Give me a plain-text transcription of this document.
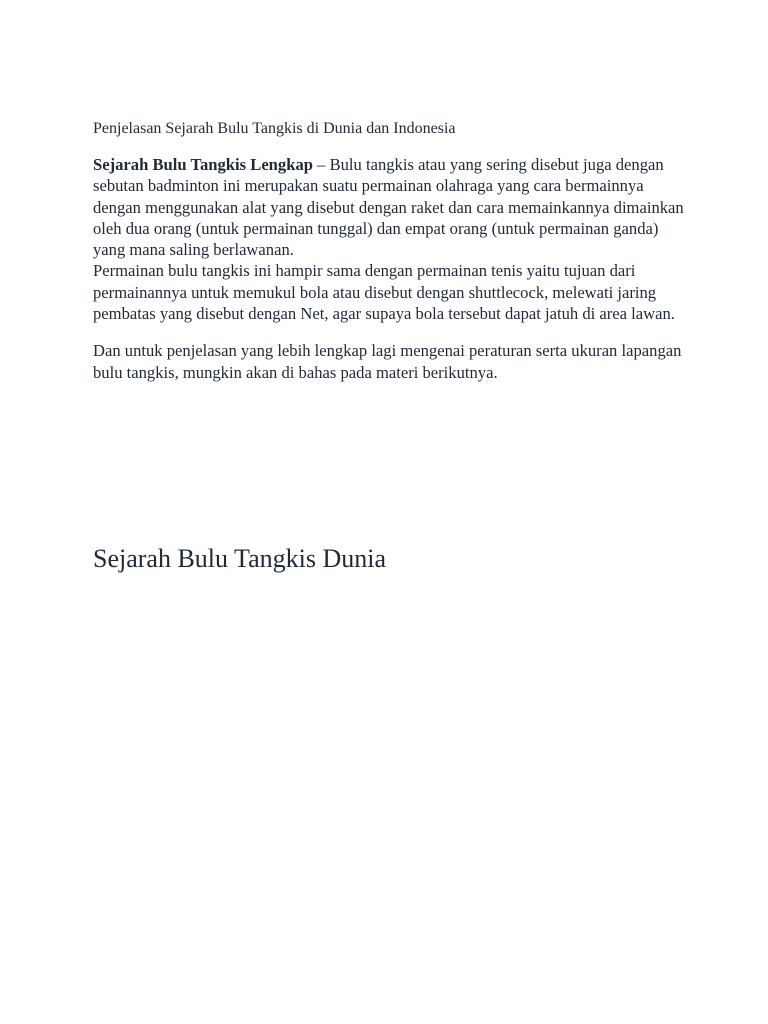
Penjelasan Sejarah Bulu Tangkis di Dunia dan Indonesia

Sejarah Bulu Tangkis Lengkap – Bulu tangkis atau yang sering disebut juga dengan sebutan badminton ini merupakan suatu permainan olahraga yang cara bermainnya dengan menggunakan alat yang disebut dengan raket dan cara memainkannya dimainkan oleh dua orang (untuk permainan tunggal) dan empat orang (untuk permainan ganda) yang mana saling berlawanan.

Permainan bulu tangkis ini hampir sama dengan permainan tenis yaitu tujuan dari permainannya untuk memukul bola atau disebut dengan shuttlecock, melewati jaring pembatas yang disebut dengan Net, agar supaya bola tersebut dapat jatuh di area lawan.

Dan untuk penjelasan yang lebih lengkap lagi mengenai peraturan serta ukuran lapangan bulu tangkis, mungkin akan di bahas pada materi berikutnya.

Sejarah Bulu Tangkis Dunia
